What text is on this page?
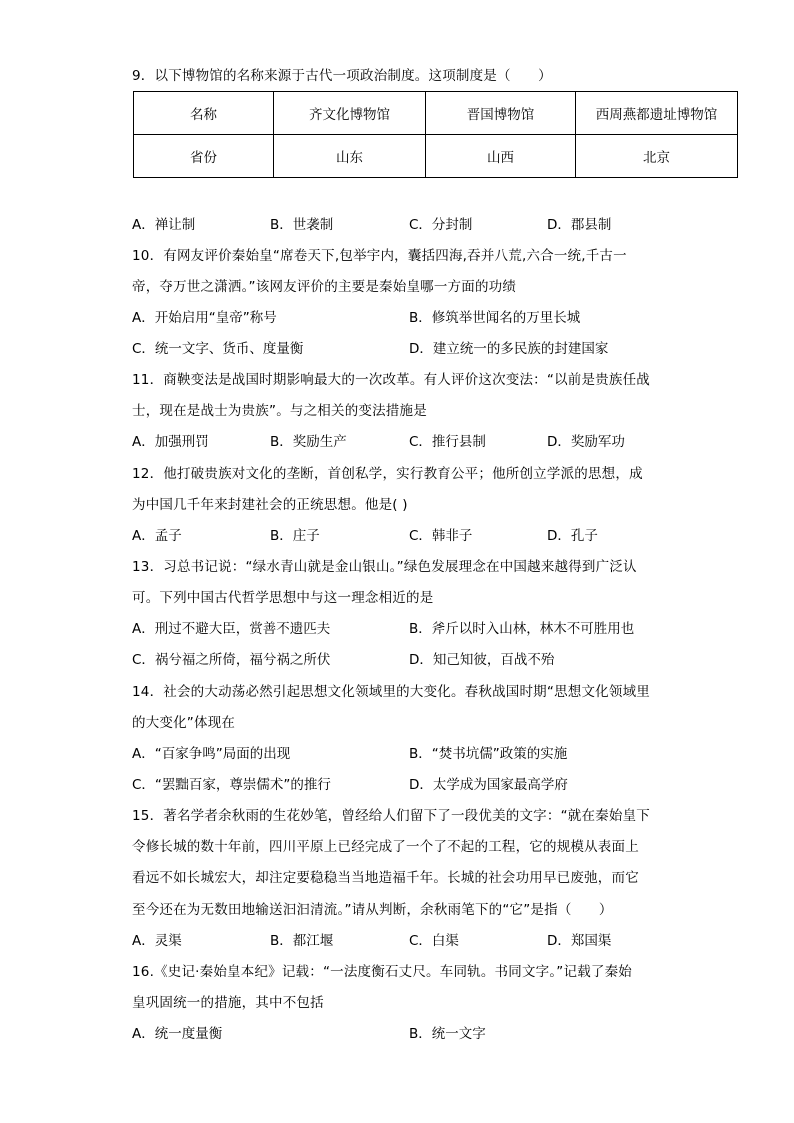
9．以下博物馆的名称来源于古代一项政治制度。这项制度是（　　）
名称	齐文化博物馆	晋国博物馆	西周燕都遗址博物馆
省份	山东	山西	北京
A．禅让制	B．世袭制	C．分封制	D．郡县制
10．有网友评价秦始皇“席卷天下,包举宇内，囊括四海,吞并八荒,六合一统,千古一
帝，夺万世之潇洒。”该网友评价的主要是秦始皇哪一方面的功绩
A．开始启用“皇帝”称号	B．修筑举世闻名的万里长城
C．统一文字、货币、度量衡	D．建立统一的多民族的封建国家
11．商鞅变法是战国时期影响最大的一次改革。有人评价这次变法：“以前是贵族任战
士，现在是战士为贵族”。与之相关的变法措施是
A．加强刑罚	B．奖励生产	C．推行县制	D．奖励军功
12．他打破贵族对文化的垄断，首创私学，实行教育公平；他所创立学派的思想，成
为中国几千年来封建社会的正统思想。他是( )
A．孟子	B．庄子	C．韩非子	D．孔子
13．习总书记说：“绿水青山就是金山银山。”绿色发展理念在中国越来越得到广泛认
可。下列中国古代哲学思想中与这一理念相近的是
A．刑过不避大臣，赏善不遗匹夫	B．斧斤以时入山林，林木不可胜用也
C．祸兮福之所倚，福兮祸之所伏	D．知己知彼，百战不殆
14．社会的大动荡必然引起思想文化领域里的大变化。春秋战国时期“思想文化领域里
的大变化”体现在
A．“百家争鸣”局面的出现	B．“焚书坑儒”政策的实施
C．“罢黜百家，尊崇儒术”的推行	D．太学成为国家最高学府
15．著名学者余秋雨的生花妙笔，曾经给人们留下了一段优美的文字：“就在秦始皇下
令修长城的数十年前，四川平原上已经完成了一个了不起的工程，它的规模从表面上
看远不如长城宏大，却注定要稳稳当当地造福千年。长城的社会功用早已废弛，而它
至今还在为无数田地输送汩汩清流。”请从判断，余秋雨笔下的“它”是指（　　）
A．灵渠	B．都江堰	C．白渠	D．郑国渠
16.《史记·秦始皇本纪》记载：“一法度衡石丈尺。车同轨。书同文字。”记载了秦始
皇巩固统一的措施，其中不包括
A．统一度量衡	B．统一文字
